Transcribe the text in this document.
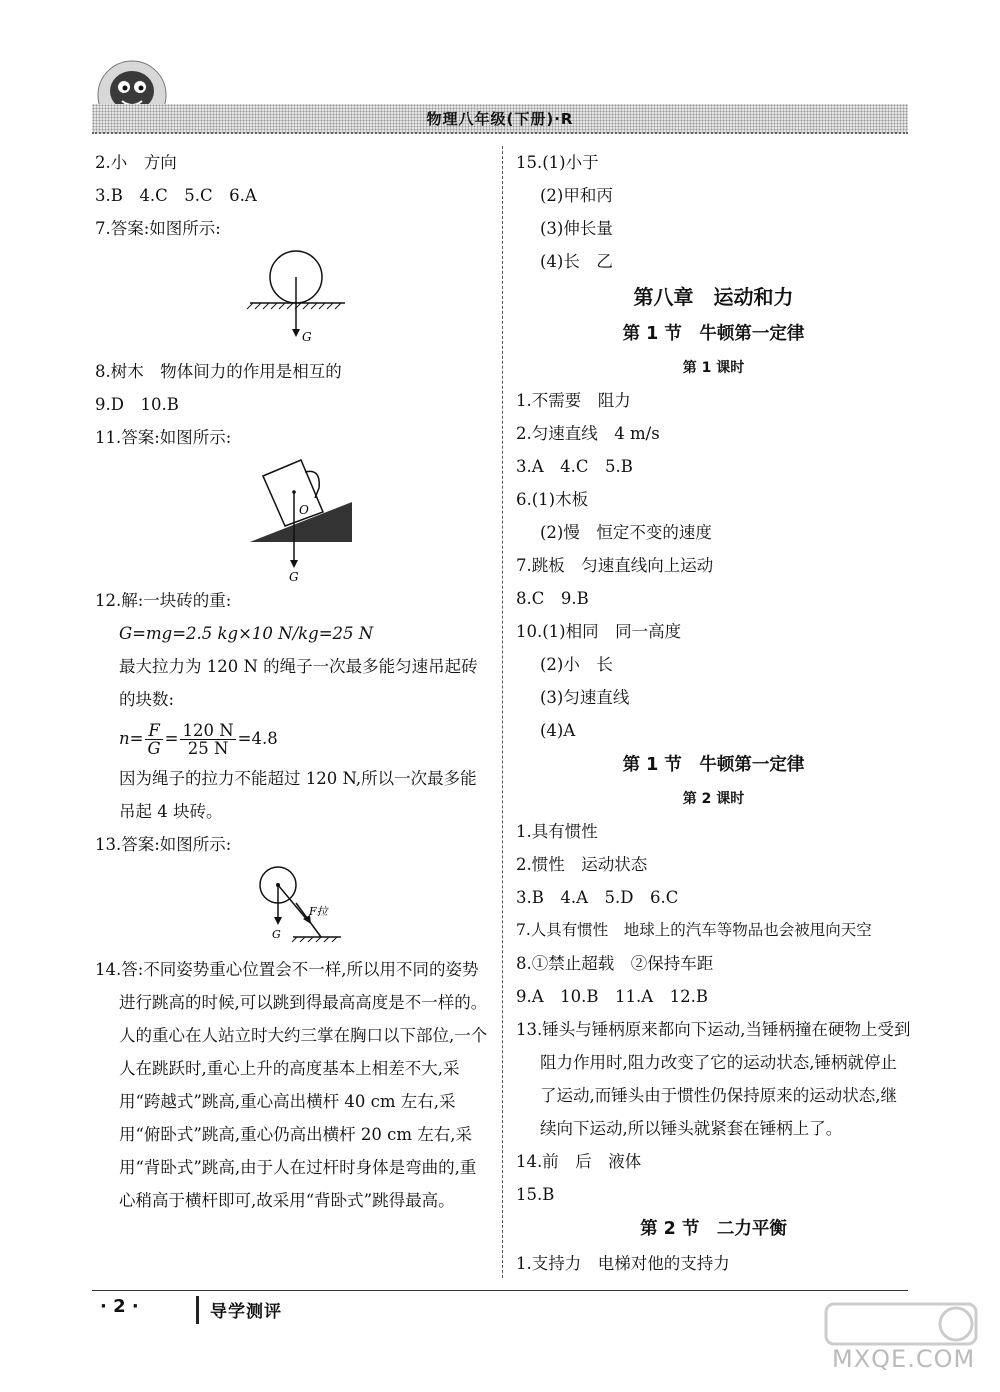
物理八年级(下册)·R
2.小　方向
3.B　4.C　5.C　6.A
7.答案:如图所示:
G
8.树木　物体间力的作用是相互的
9.D　10.B
11.答案:如图所示:
O
G
12.解:一块砖的重:
G=mg=2.5 kg×10 N/kg=25 N
最大拉力为 120 N 的绳子一次最多能匀速吊起砖
的块数:
$n= \frac{F}{G} = \frac{120 N}{25 N} =4.8$
因为绳子的拉力不能超过 120 N,所以一次最多能
吊起 4 块砖。
13.答案:如图所示:
G
F拉
14.答:不同姿势重心位置会不一样,所以用不同的姿势进行跳高的时候,可以跳到得最高高度是不一样的。人的重心在人站立时大约三掌在胸口以下部位,一个人在跳跃时,重心上升的高度基本上相差不大,采用“跨越式”跳高,重心高出横杆 40 cm 左右,采用“俯卧式”跳高,重心仍高出横杆 20 cm 左右,采用“背卧式”跳高,由于人在过杆时身体是弯曲的,重心稍高于横杆即可,故采用“背卧式”跳得最高。
15.(1)小于
(2)甲和丙
(3)伸长量
(4)长　乙
第八章　运动和力
第 1 节　牛顿第一定律
第 1 课时
1.不需要　阻力
2.匀速直线　4 m/s
3.A　4.C　5.B
6.(1)木板
(2)慢　恒定不变的速度
7.跳板　匀速直线向上运动
8.C　9.B
10.(1)相同　同一高度
(2)小　长
(3)匀速直线
(4)A
第 1 节　牛顿第一定律
第 2 课时
1.具有惯性
2.惯性　运动状态
3.B　4.A　5.D　6.C
7.人具有惯性　地球上的汽车等物品也会被甩向天空
8.①禁止超载　②保持车距
9.A　10.B　11.A　12.B
13.锤头与锤柄原来都向下运动,当锤柄撞在硬物上受到阻力作用时,阻力改变了它的运动状态,锤柄就停止了运动,而锤头由于惯性仍保持原来的运动状态,继续向下运动,所以锤头就紧套在锤柄上了。
14.前　后　液体
15.B
第 2 节　二力平衡
1.支持力　电梯对他的支持力
· 2 ·	导学测评
MXQE.COM
